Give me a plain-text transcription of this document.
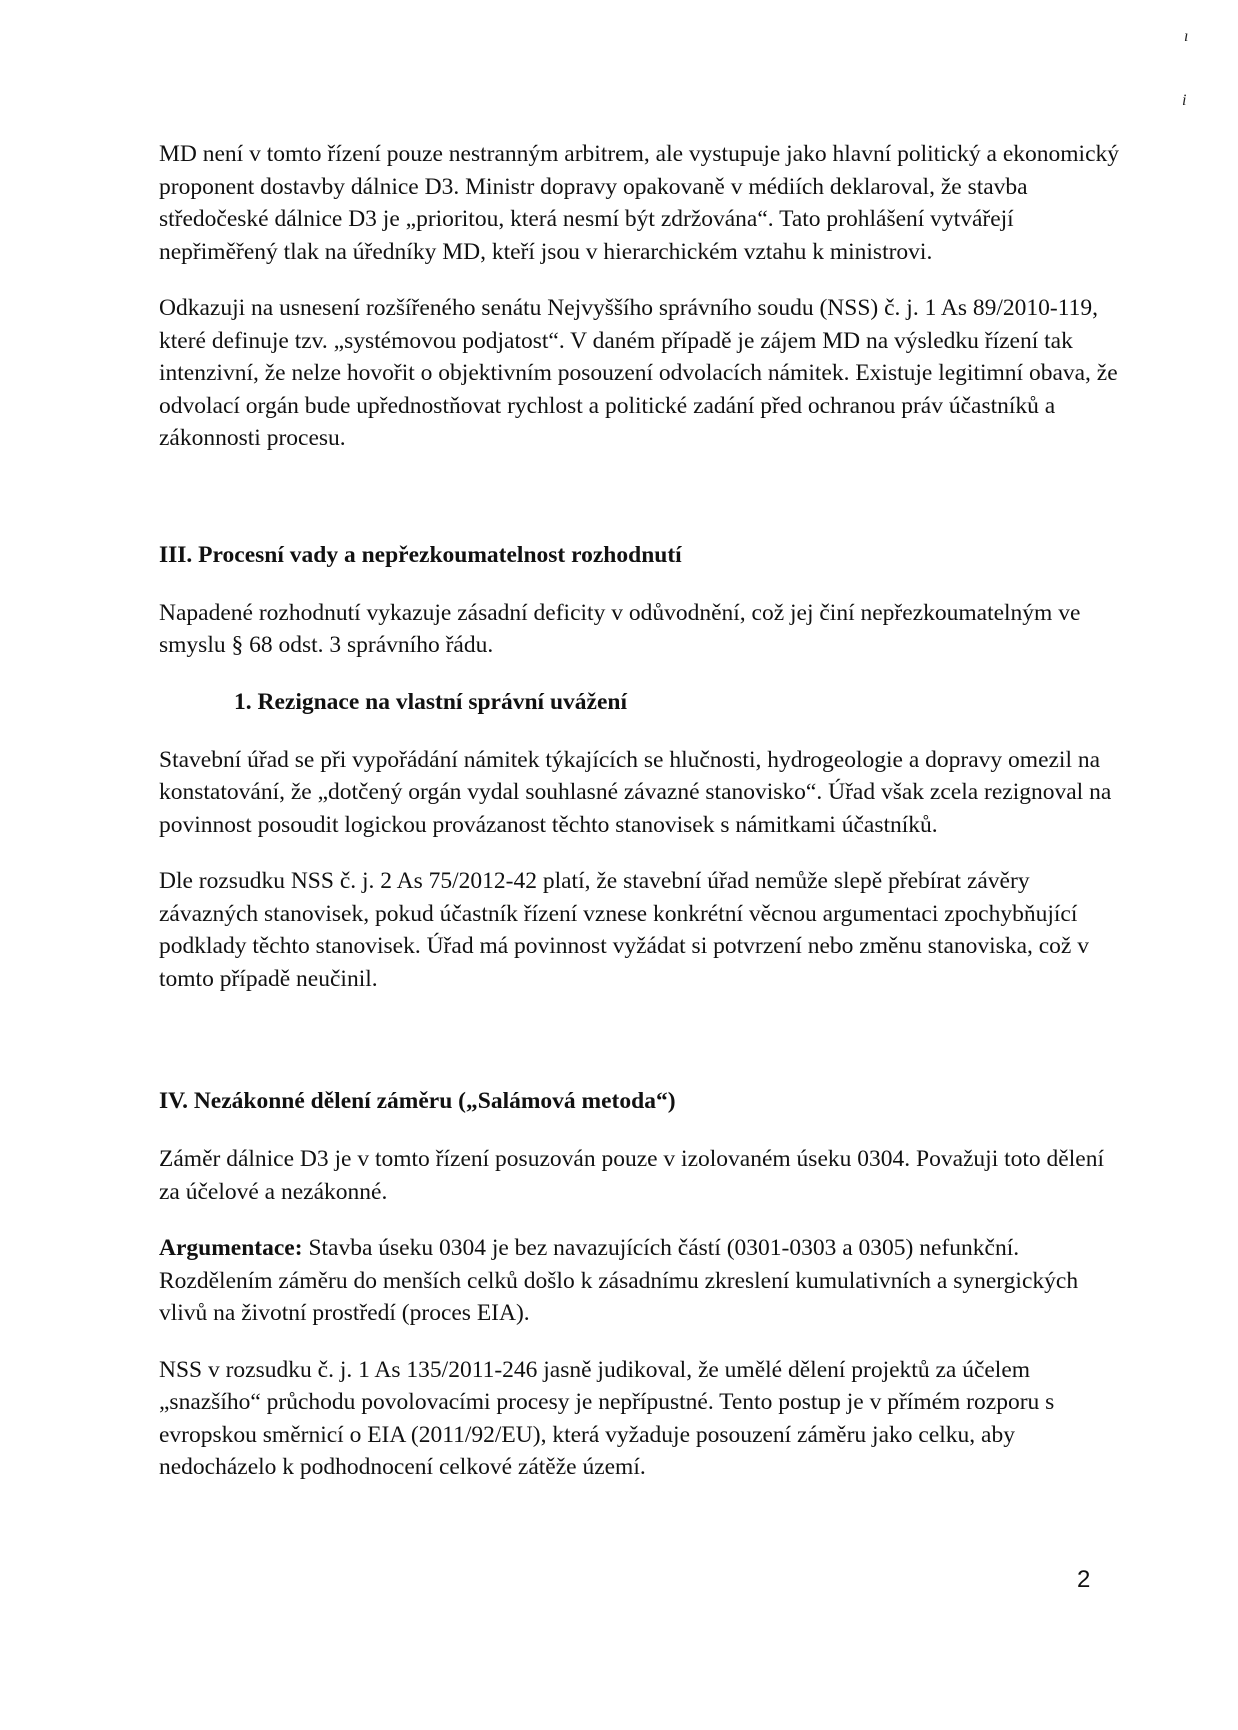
ı
i

MD není v tomto řízení pouze nestranným arbitrem, ale vystupuje jako hlavní politický a ekonomický proponent dostavby dálnice D3. Ministr dopravy opakovaně v médiích deklaroval, že stavba středočeské dálnice D3 je „prioritou, která nesmí být zdržována“. Tato prohlášení vytvářejí nepřiměřený tlak na úředníky MD, kteří jsou v hierarchickém vztahu k ministrovi.

Odkazuji na usnesení rozšířeného senátu Nejvyššího správního soudu (NSS) č. j. 1 As 89/2010-119, které definuje tzv. „systémovou podjatost“. V daném případě je zájem MD na výsledku řízení tak intenzivní, že nelze hovořit o objektivním posouzení odvolacích námitek. Existuje legitimní obava, že odvolací orgán bude upřednostňovat rychlost a politické zadání před ochranou práv účastníků a zákonnosti procesu.

III. Procesní vady a nepřezkoumatelnost rozhodnutí

Napadené rozhodnutí vykazuje zásadní deficity v odůvodnění, což jej činí nepřezkoumatelným ve smyslu § 68 odst. 3 správního řádu.

1. Rezignace na vlastní správní uvážení

Stavební úřad se při vypořádání námitek týkajících se hlučnosti, hydrogeologie a dopravy omezil na konstatování, že „dotčený orgán vydal souhlasné závazné stanovisko“. Úřad však zcela rezignoval na povinnost posoudit logickou provázanost těchto stanovisek s námitkami účastníků.

Dle rozsudku NSS č. j. 2 As 75/2012-42 platí, že stavební úřad nemůže slepě přebírat závěry závazných stanovisek, pokud účastník řízení vznese konkrétní věcnou argumentaci zpochybňující podklady těchto stanovisek. Úřad má povinnost vyžádat si potvrzení nebo změnu stanoviska, což v tomto případě neučinil.

IV. Nezákonné dělení záměru („Salámová metoda“)

Záměr dálnice D3 je v tomto řízení posuzován pouze v izolovaném úseku 0304. Považuji toto dělení za účelové a nezákonné.

Argumentace: Stavba úseku 0304 je bez navazujících částí (0301-0303 a 0305) nefunkční. Rozdělením záměru do menších celků došlo k zásadnímu zkreslení kumulativních a synergických vlivů na životní prostředí (proces EIA).

NSS v rozsudku č. j. 1 As 135/2011-246 jasně judikoval, že umělé dělení projektů za účelem „snazšího“ průchodu povolovacími procesy je nepřípustné. Tento postup je v přímém rozporu s evropskou směrnicí o EIA (2011/92/EU), která vyžaduje posouzení záměru jako celku, aby nedocházelo k podhodnocení celkové zátěže území.

2
